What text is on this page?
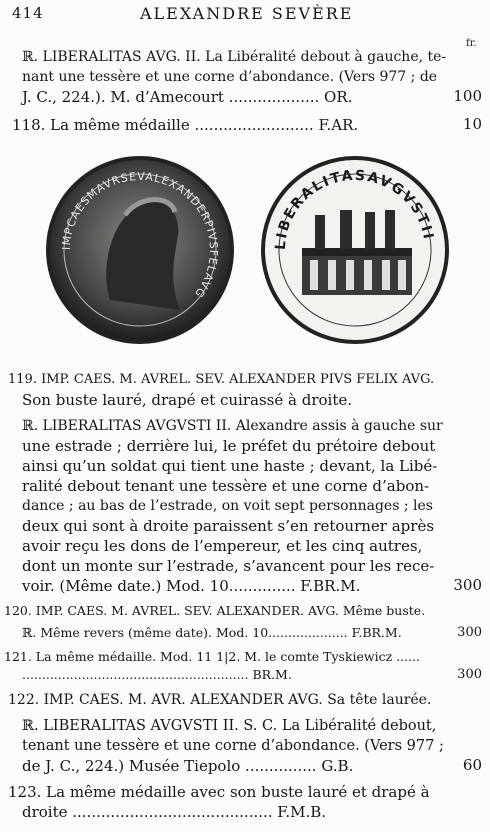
414	ALEXANDRE SEVÈRE
fr.
ℝ. LIBERALITAS AVG. II. La Libéralité debout à gauche, te-
nant une tessère et une corne d’abondance. (Vers 977 ; de
J. C., 224.). M. d’Amecourt ................... OR.	100
118. La même médaille ......................... F.AR.	10
IMPCAESMAVRSEVALEXANDERPIVSFELAVG
LIBERALITASAVGVSTII
119. IMP. CAES. M. AVREL. SEV. ALEXANDER PIVS FELIX AVG.
Son buste lauré, drapé et cuirassé à droite.
ℝ. LIBERALITAS AVGVSTI II. Alexandre assis à gauche sur
une estrade ; derrière lui, le préfet du prétoire debout
ainsi qu’un soldat qui tient une haste ; devant, la Libé-
ralité debout tenant une tessère et une corne d’abon-
dance ; au bas de l’estrade, on voit sept personnages ; les
deux qui sont à droite paraissent s’en retourner après
avoir reçu les dons de l’empereur, et les cinq autres,
dont un monte sur l’estrade, s’avancent pour les rece-
voir. (Même date.) Mod. 10.............. F.BR.M.	300
120. IMP. CAES. M. AVREL. SEV. ALEXANDER. AVG. Même buste.
ℝ. Même revers (même date). Mod. 10.................... F.BR.M.	300
121. La même médaille. Mod. 11 1|2. M. le comte Tyskiewicz ......
......................................................... BR.M.	300
122. IMP. CAES. M. AVR. ALEXANDER AVG. Sa tête laurée.
ℝ. LIBERALITAS AVGVSTI II. S. C. La Libéralité debout,
tenant une tessère et une corne d’abondance. (Vers 977 ;
de J. C., 224.) Musée Tiepolo ............... G.B.	60
123. La même médaille avec son buste lauré et drapé à
droite .......................................... F.M.B.
